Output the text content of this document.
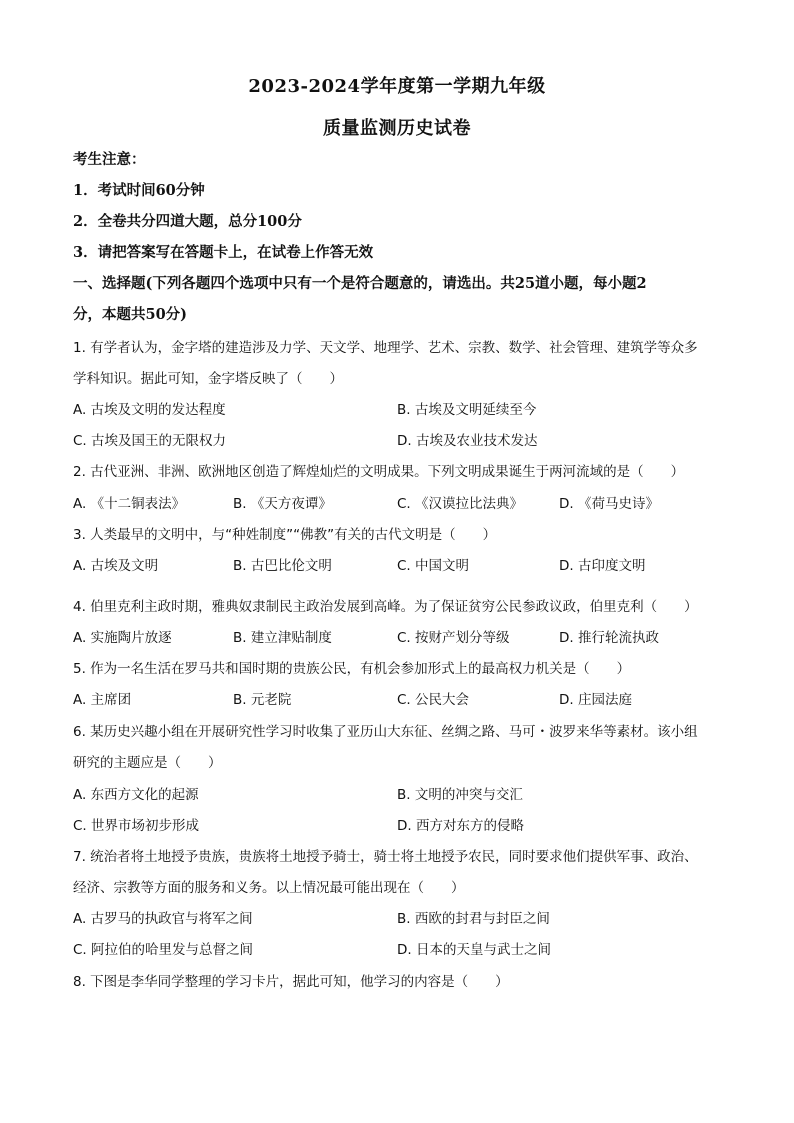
2023-2024学年度第一学期九年级
质量监测历史试卷
考生注意：
1．考试时间60分钟
2．全卷共分四道大题，总分100分
3．请把答案写在答题卡上，在试卷上作答无效
一、选择题(下列各题四个选项中只有一个是符合题意的，请选出。共25道小题，每小题2
分，本题共50分)
1. 有学者认为，金字塔的建造涉及力学、天文学、地理学、艺术、宗教、数学、社会管理、建筑学等众多
学科知识。据此可知，金字塔反映了（　　）
A. 古埃及文明的发达程度	B. 古埃及文明延续至今
C. 古埃及国王的无限权力	D. 古埃及农业技术发达
2. 古代亚洲、非洲、欧洲地区创造了辉煌灿烂的文明成果。下列文明成果诞生于两河流域的是（　　）
A. 《十二铜表法》	B. 《天方夜谭》	C. 《汉谟拉比法典》	D. 《荷马史诗》
3. 人类最早的文明中，与“种姓制度”“佛教”有关的古代文明是（　　）
A. 古埃及文明	B. 古巴比伦文明	C. 中国文明	D. 古印度文明
4. 伯里克利主政时期，雅典奴隶制民主政治发展到高峰。为了保证贫穷公民参政议政，伯里克利（　　）
A. 实施陶片放逐	B. 建立津贴制度	C. 按财产划分等级	D. 推行轮流执政
5. 作为一名生活在罗马共和国时期的贵族公民，有机会参加形式上的最高权力机关是（　　）
A. 主席团	B. 元老院	C. 公民大会	D. 庄园法庭
6. 某历史兴趣小组在开展研究性学习时收集了亚历山大东征、丝绸之路、马可・波罗来华等素材。该小组
研究的主题应是（　　）
A. 东西方文化的起源	B. 文明的冲突与交汇
C. 世界市场初步形成	D. 西方对东方的侵略
7. 统治者将土地授予贵族，贵族将土地授予骑士，骑士将土地授予农民，同时要求他们提供军事、政治、
经济、宗教等方面的服务和义务。以上情况最可能出现在（　　）
A. 古罗马的执政官与将军之间	B. 西欧的封君与封臣之间
C. 阿拉伯的哈里发与总督之间	D. 日本的天皇与武士之间
8. 下图是李华同学整理的学习卡片，据此可知，他学习的内容是（　　）
